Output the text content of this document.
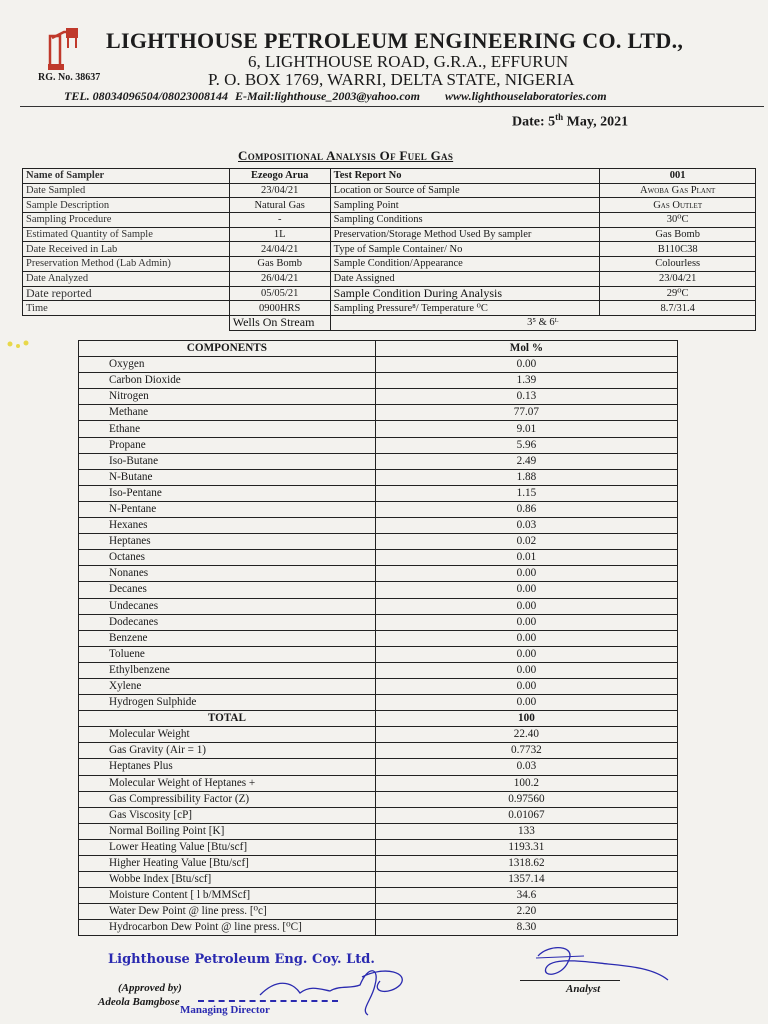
LIGHTHOUSE PETROLEUM ENGINEERING CO. LTD.,
6, LIGHTHOUSE ROAD, G.R.A., EFFURUN
RG. No. 38637	P. O. BOX 1769, WARRI, DELTA STATE, NIGERIA
TEL. 08034096504/08023008144 E-Mail:lighthouse_2003@yahoo.com www.lighthouselaboratories.com
Date: 5th May, 2021
Compositional Analysis Of Fuel Gas
Name of Sampler	Ezeogo Arua	Test Report No	001
Date Sampled	23/04/21	Location or Source of Sample	Awoba Gas Plant
Sample Description	Natural Gas	Sampling Point	Gas Outlet
Sampling Procedure	-	Sampling Conditions	30⁰C
Estimated Quantity of Sample	1L	Preservation/Storage Method Used By sampler	Gas Bomb
Date Received in Lab	24/04/21	Type of Sample Container/ No	B110C38
Preservation Method (Lab Admin)	Gas Bomb	Sample Condition/Appearance	Colourless
Date Analyzed	26/04/21	Date Assigned	23/04/21
Date reported	05/05/21	Sample Condition During Analysis	29⁰C
Time	0900HRS	Sampling Pressure⁸/ Temperature ⁰C	8.7/31.4
	Wells On Stream	3⁵ & 6ᴸ	
COMPONENTS	Mol %
Oxygen	0.00
Carbon Dioxide	1.39
Nitrogen	0.13
Methane	77.07
Ethane	9.01
Propane	5.96
Iso-Butane	2.49
N-Butane	1.88
Iso-Pentane	1.15
N-Pentane	0.86
Hexanes	0.03
Heptanes	0.02
Octanes	0.01
Nonanes	0.00
Decanes	0.00
Undecanes	0.00
Dodecanes	0.00
Benzene	0.00
Toluene	0.00
Ethylbenzene	0.00
Xylene	0.00
Hydrogen Sulphide	0.00
TOTAL	100
Molecular Weight	22.40
Gas Gravity (Air = 1)	0.7732
Heptanes Plus	0.03
Molecular Weight of Heptanes +	100.2
Gas Compressibility Factor (Z)	0.97560
Gas Viscosity [cP]	0.01067
Normal Boiling Point [K]	133
Lower Heating Value [Btu/scf]	1193.31
Higher Heating Value [Btu/scf]	1318.62
Wobbe Index [Btu/scf]	1357.14
Moisture Content [ l b/MMScf]	34.6
Water Dew Point @ line press. [⁰c]	2.20
Hydrocarbon Dew Point @ line press. [⁰C]	8.30
Lighthouse Petroleum Eng. Coy. Ltd.
(Approved by)
Adeola Bamgbose
Managing Director
Analyst
